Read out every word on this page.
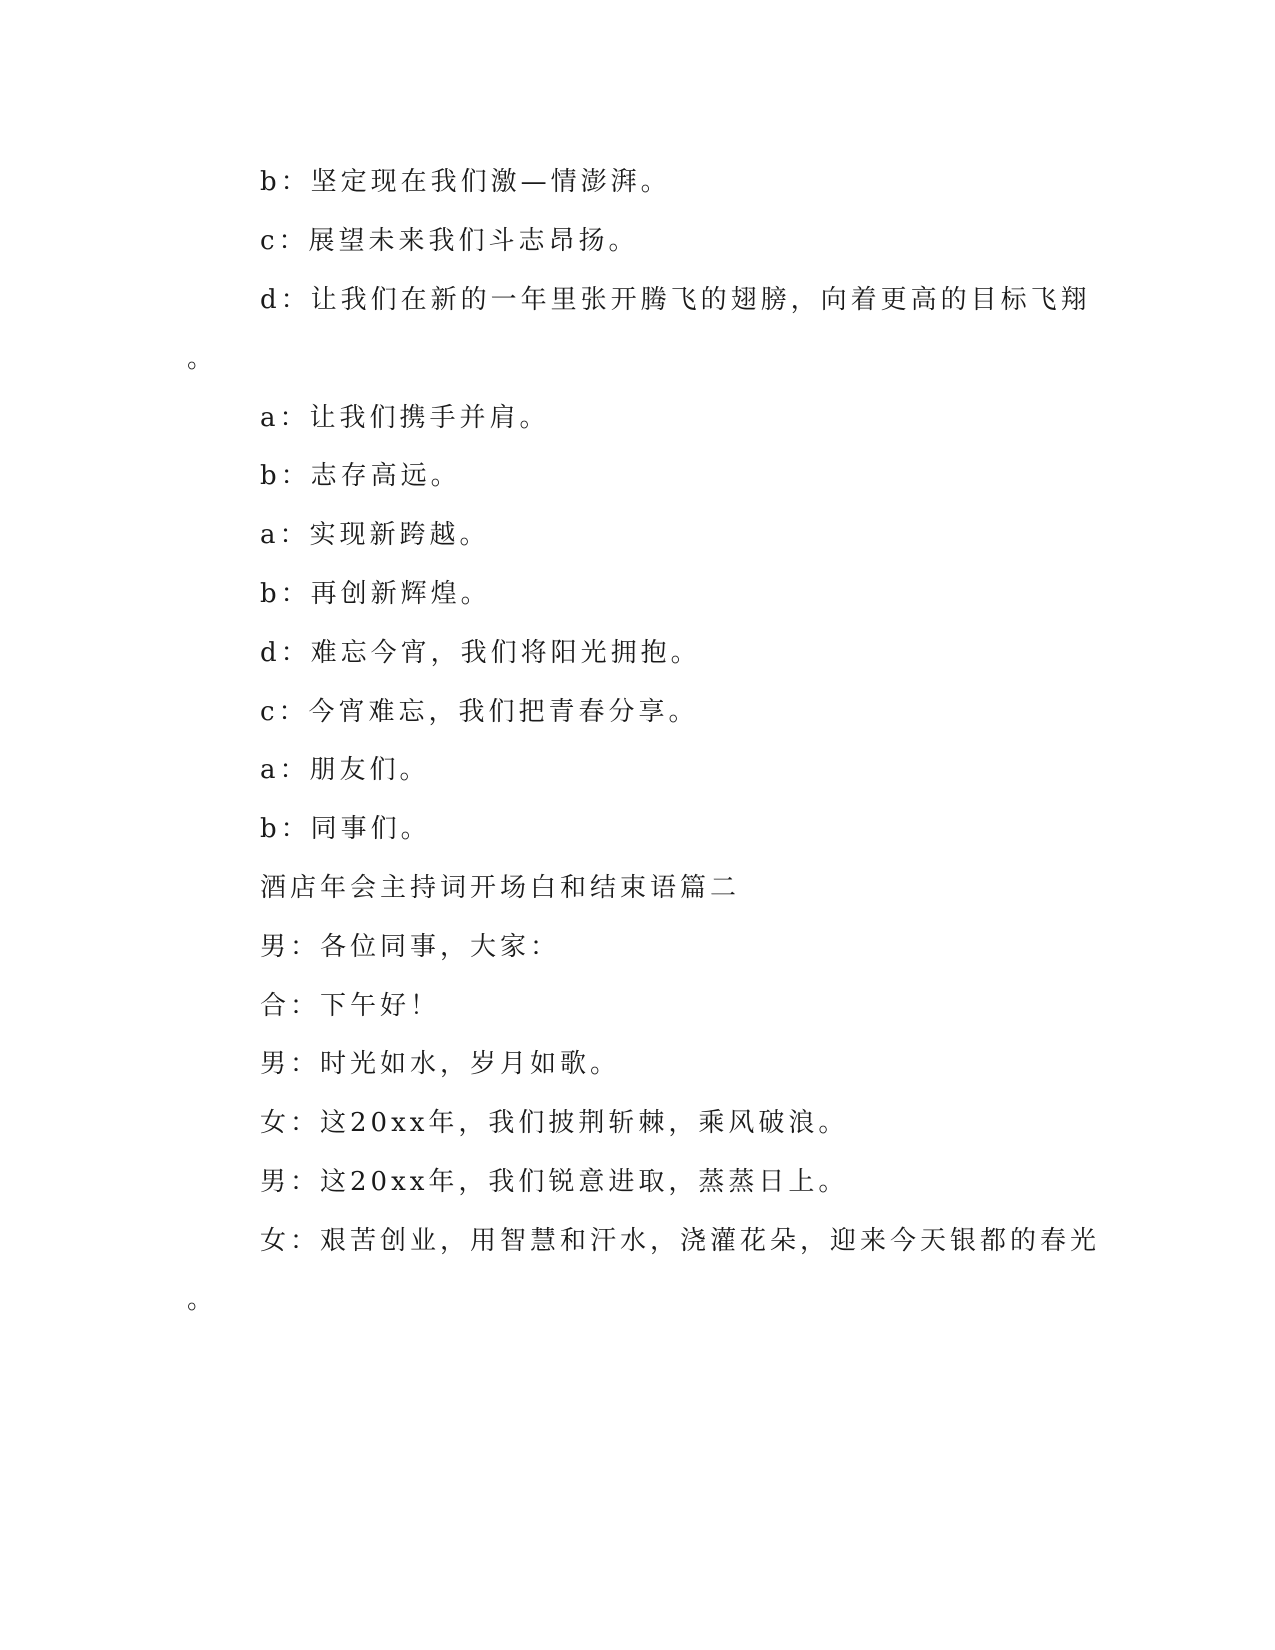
b：坚定现在我们激—情澎湃。
c：展望未来我们斗志昂扬。
d：让我们在新的一年里张开腾飞的翅膀，向着更高的目标飞翔
。
a：让我们携手并肩。
b：志存高远。
a：实现新跨越。
b：再创新辉煌。
d：难忘今宵，我们将阳光拥抱。
c：今宵难忘，我们把青春分享。
a：朋友们。
b：同事们。
酒店年会主持词开场白和结束语篇二
男：各位同事，大家：
合：下午好！
男：时光如水，岁月如歌。
女：这20xx年，我们披荆斩棘，乘风破浪。
男：这20xx年，我们锐意进取，蒸蒸日上。
女：艰苦创业，用智慧和汗水，浇灌花朵，迎来今天银都的春光
。
